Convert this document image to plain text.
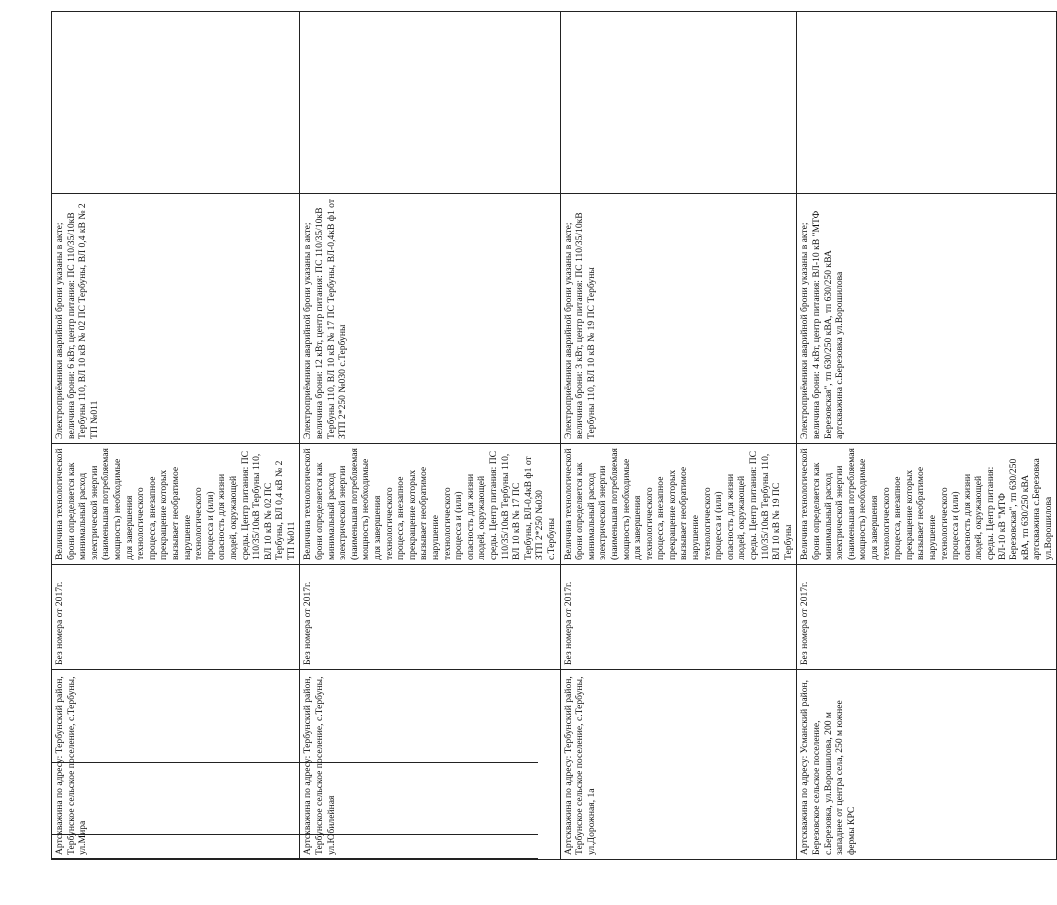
Артскважина по адресу: Тербунский район, Тербунское сельское поселение, с.Тербуны, ул.Мира	Без номера от 2017г.	Величина технологической брони определяется как минимальный расход электрической энергии (наименьшая потребляемая мощность) необходимые для завершения технологического процесса, внезапное прекращение которых вызывает необратимое нарушение технологического процесса и (или) опасность для жизни людей, окружающей среды. Центр питания: ПС 110/35/10кВ Тербуны 110, ВЛ 10 кВ № 02 ПС Тербуны, ВЛ 0,4 кВ № 2 ТП №011	Электроприёмники аварийной брони указаны в акте; величина брони: 6 кВт, центр питания: ПС 110/35/10кВ Тербуны 110, ВЛ 10 кВ № 02 ПС Тербуны, ВЛ 0,4 кВ № 2 ТП №011	
Артскважина по адресу: Тербунский район, Тербунское сельское поселение, с.Тербуны, ул.Юбилейная	Без номера от 2017г.	Величина технологической брони определяется как минимальный расход электрической энергии (наименьшая потребляемая мощность) необходимые для завершения технологического процесса, внезапное прекращение которых вызывает необратимое нарушение технологического процесса и (или) опасность для жизни людей, окружающей среды. Центр питания: ПС 110/35/10кВ Тербуны 110, ВЛ 10 кВ № 17 ПС Тербуны, ВЛ-0,4кВ ф1 от ЗТП 2*250 №030 с.Тербуны	Электроприёмники аварийной брони указаны в акте; величина брони: 12 кВт, центр питания: ПС 110/35/10кВ Тербуны 110, ВЛ 10 кВ № 17 ПС Тербуны, ВЛ-0,4кВ ф1 от ЗТП 2*250 №030 с.Тербуны	
Артскважина по адресу: Тербунский район, Тербунское сельское поселение, с.Тербуны, ул.Дорожная, 1а	Без номера от 2017г.	Величина технологической брони определяется как минимальный расход электрической энергии (наименьшая потребляемая мощность) необходимые для завершения технологического процесса, внезапное прекращение которых вызывает необратимое нарушение технологического процесса и (или) опасность для жизни людей, окружающей среды. Центр питания: ПС 110/35/10кВ Тербуны 110, ВЛ 10 кВ № 19 ПС Тербуны	Электроприёмники аварийной брони указаны в акте; величина брони: 3 кВт, центр питания: ПС 110/35/10кВ Тербуны 110, ВЛ 10 кВ № 19 ПС Тербуны	
Артскважина по адресу: Усманский район, Березовское сельское поселение, с.Березовка, ул.Ворошилова, 200 м западнее от центра села, 250 м южнее фермы КРС	Без номера от 2017г.	Величина технологической брони определяется как минимальный расход электрической энергии (наименьшая потребляемая мощность) необходимые для завершения технологического процесса, внезапное прекращение которых вызывает необратимое нарушение технологического процесса и (или) опасность для жизни людей, окружающей среды. Центр питания: ВЛ-10 кВ "МТФ Березовская", тп 630/250 кВА, тп 630/250 кВА артскважина с.Березовка ул.Ворошилова	Электроприёмники аварийной брони указаны в акте; величина брони: 4 кВт, центр питания: ВЛ-10 кВ "МТФ Березовская", тп 630/250 кВА, тп 630/250 кВА артскважина с.Березовка ул.Ворошилова	
